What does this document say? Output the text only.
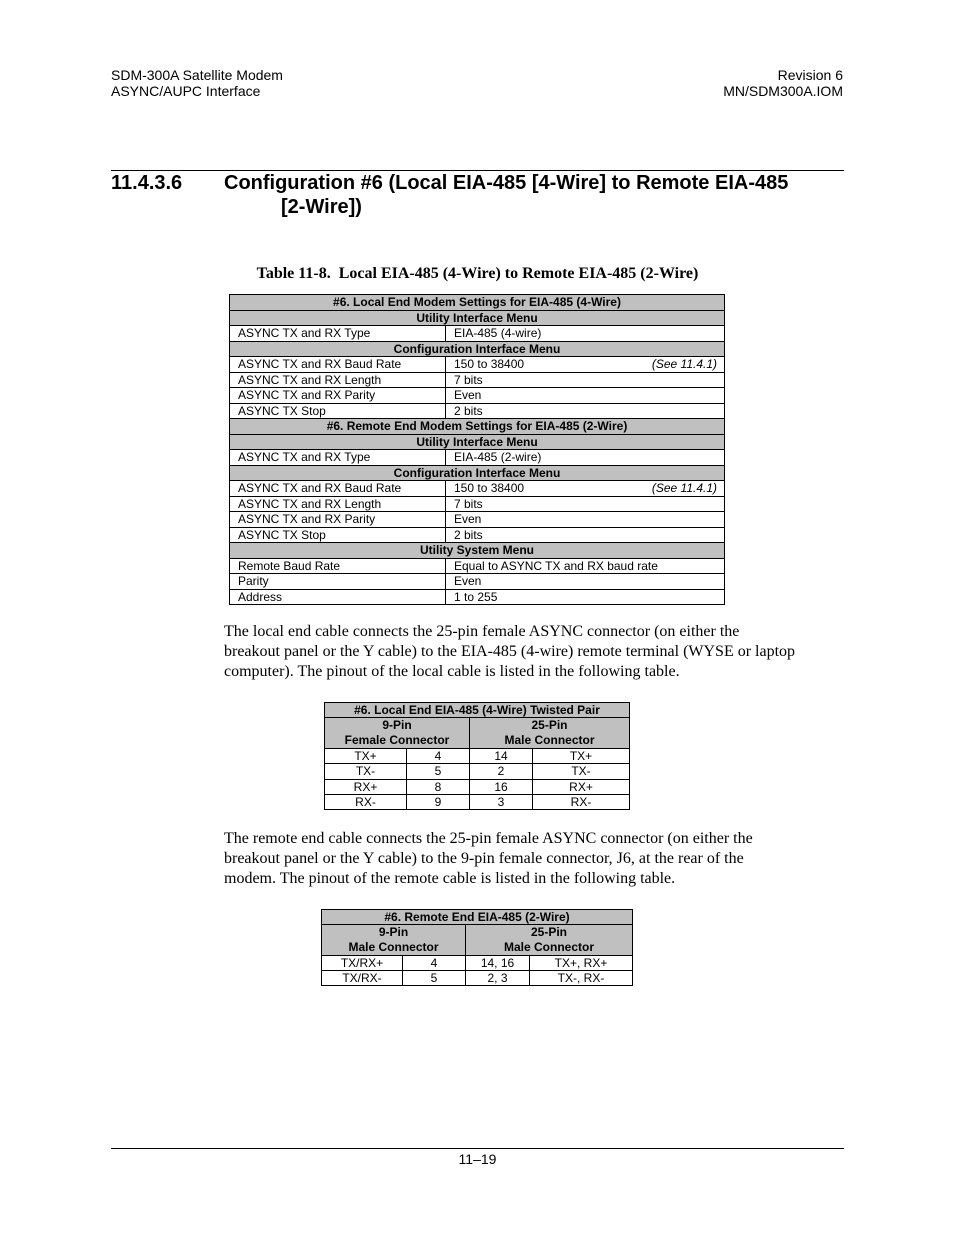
SDM-300A Satellite Modem
ASYNC/AUPC Interface
Revision 6
MN/SDM300A.IOM
11.4.3.6 Configuration #6 (Local EIA-485 [4-Wire] to Remote EIA-485
[2-Wire])
Table 11-8.  Local EIA-485 (4-Wire) to Remote EIA-485 (2-Wire)
#6. Local End Modem Settings for EIA-485 (4-Wire)	
Utility Interface Menu	
ASYNC TX and RX Type	EIA-485 (4-wire)
Configuration Interface Menu	
ASYNC TX and RX Baud Rate	150 to 38400 (See 11.4.1)

ASYNC TX and RX Length	7 bits
ASYNC TX and RX Parity	Even
ASYNC TX Stop	2 bits
#6. Remote End Modem Settings for EIA-485 (2-Wire)	
Utility Interface Menu	
ASYNC TX and RX Type	EIA-485 (2-wire)
Configuration Interface Menu	
ASYNC TX and RX Baud Rate	150 to 38400 (See 11.4.1)

ASYNC TX and RX Length	7 bits
ASYNC TX and RX Parity	Even
ASYNC TX Stop	2 bits
Utility System Menu	
Remote Baud Rate	Equal to ASYNC TX and RX baud rate
Parity	Even
Address	1 to 255
The local end cable connects the 25-pin female ASYNC connector (on either the
breakout panel or the Y cable) to the EIA-485 (4-wire) remote terminal (WYSE or laptop
computer). The pinout of the local cable is listed in the following table.
#6. Local End EIA-485 (4-Wire) Twisted Pair			

9-Pin
Female Connector		25-Pin
Male Connector	

TX+	4	14	TX+
TX-	5	2	TX-
RX+	8	16	RX+
RX-	9	3	RX-
The remote end cable connects the 25-pin female ASYNC connector (on either the
breakout panel or the Y cable) to the 9-pin female connector, J6, at the rear of the
modem. The pinout of the remote cable is listed in the following table.
#6. Remote End EIA-485 (2-Wire)			

9-Pin
Male Connector		25-Pin
Male Connector	

TX/RX+	4	14, 16	TX+, RX+
TX/RX-	5	2, 3	TX-, RX-
11–19
